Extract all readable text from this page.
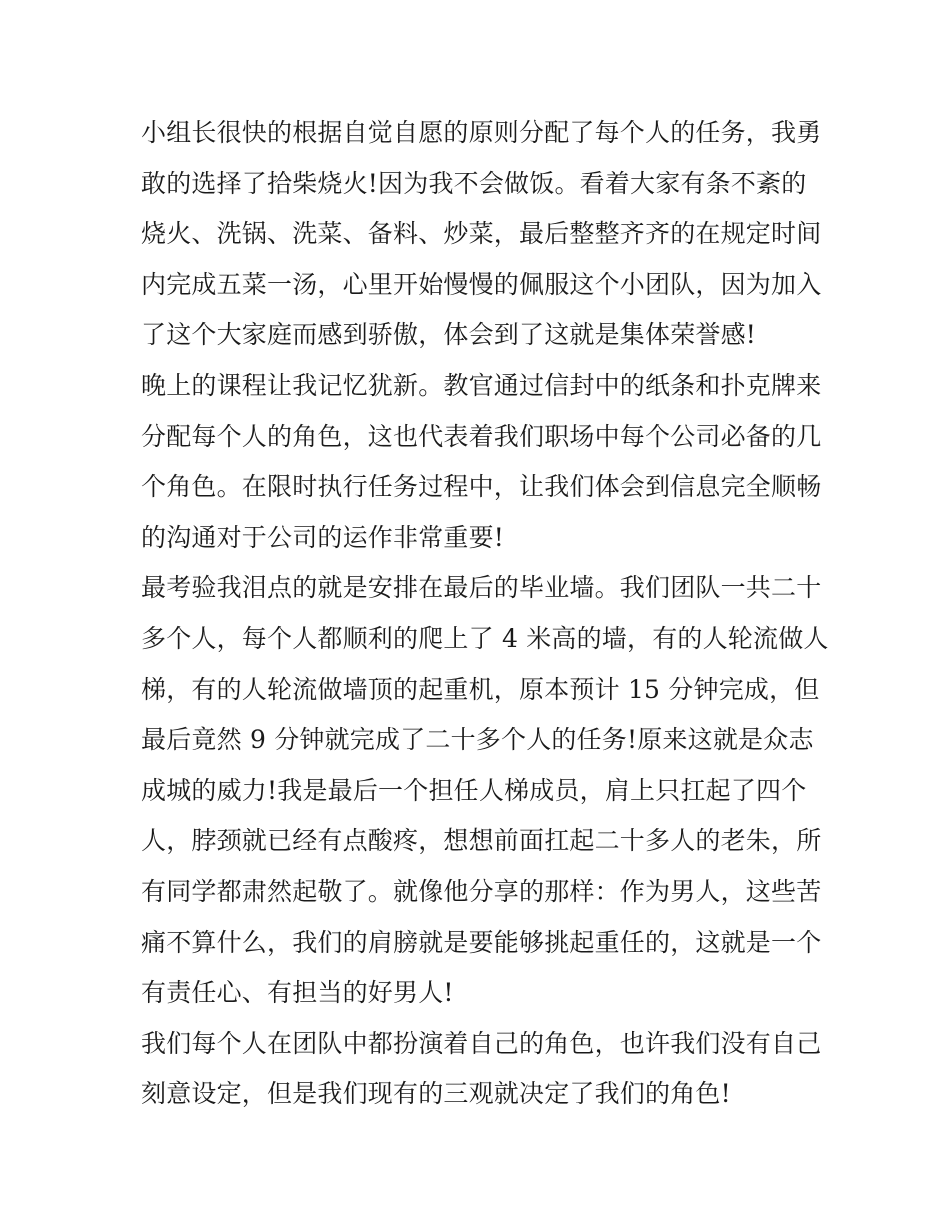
小组长很快的根据自觉自愿的原则分配了每个人的任务，我勇
敢的选择了拾柴烧火!因为我不会做饭。看着大家有条不紊的
烧火、洗锅、洗菜、备料、炒菜，最后整整齐齐的在规定时间
内完成五菜一汤，心里开始慢慢的佩服这个小团队，因为加入
了这个大家庭而感到骄傲，体会到了这就是集体荣誉感!
晚上的课程让我记忆犹新。教官通过信封中的纸条和扑克牌来
分配每个人的角色，这也代表着我们职场中每个公司必备的几
个角色。在限时执行任务过程中，让我们体会到信息完全顺畅
的沟通对于公司的运作非常重要!
最考验我泪点的就是安排在最后的毕业墙。我们团队一共二十
多个人，每个人都顺利的爬上了 4 米高的墙，有的人轮流做人
梯，有的人轮流做墙顶的起重机，原本预计 15 分钟完成，但
最后竟然 9 分钟就完成了二十多个人的任务!原来这就是众志
成城的威力!我是最后一个担任人梯成员，肩上只扛起了四个
人，脖颈就已经有点酸疼，想想前面扛起二十多人的老朱，所
有同学都肃然起敬了。就像他分享的那样：作为男人，这些苦
痛不算什么，我们的肩膀就是要能够挑起重任的，这就是一个
有责任心、有担当的好男人!
我们每个人在团队中都扮演着自己的角色，也许我们没有自己
刻意设定，但是我们现有的三观就决定了我们的角色!
